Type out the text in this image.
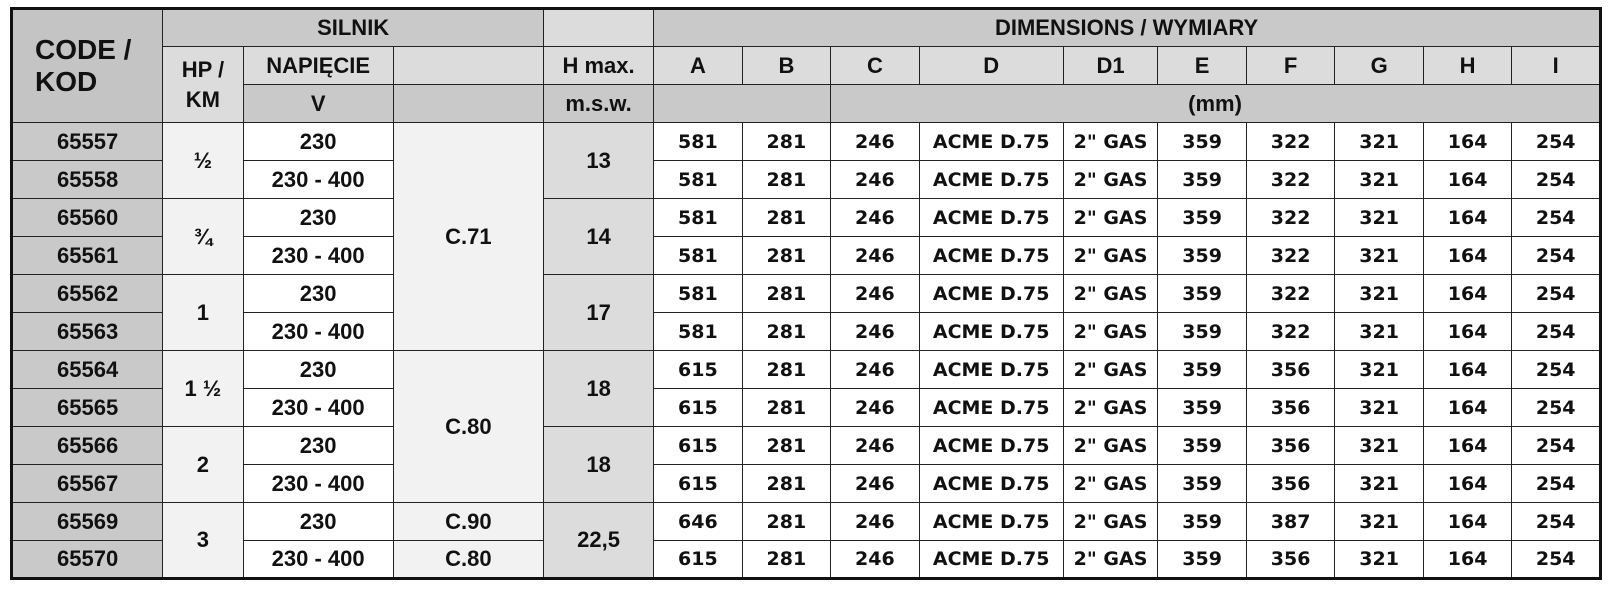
CODE / KOD	SILNIK				DIMENSIONS / WYMIARY									
	HP / KM	NAPIĘCIE		H max.	A	B	C	D	D1	E	F	G	H	I
		V		m.s.w.			(mm)							
65557	½	230	C.71	13	581	281	246	ACME D.75	2" GAS	359	322	321	164	254
65558		230 - 400			581	281	246	ACME D.75	2" GAS	359	322	321	164	254
65560	¾	230		14	581	281	246	ACME D.75	2" GAS	359	322	321	164	254
65561		230 - 400			581	281	246	ACME D.75	2" GAS	359	322	321	164	254
65562	1	230		17	581	281	246	ACME D.75	2" GAS	359	322	321	164	254
65563		230 - 400			581	281	246	ACME D.75	2" GAS	359	322	321	164	254
65564	1 ½	230	C.80	18	615	281	246	ACME D.75	2" GAS	359	356	321	164	254
65565		230 - 400			615	281	246	ACME D.75	2" GAS	359	356	321	164	254
65566	2	230		18	615	281	246	ACME D.75	2" GAS	359	356	321	164	254
65567		230 - 400			615	281	246	ACME D.75	2" GAS	359	356	321	164	254
65569	3	230	C.90	22,5	646	281	246	ACME D.75	2" GAS	359	387	321	164	254
65570		230 - 400	C.80		615	281	246	ACME D.75	2" GAS	359	356	321	164	254
